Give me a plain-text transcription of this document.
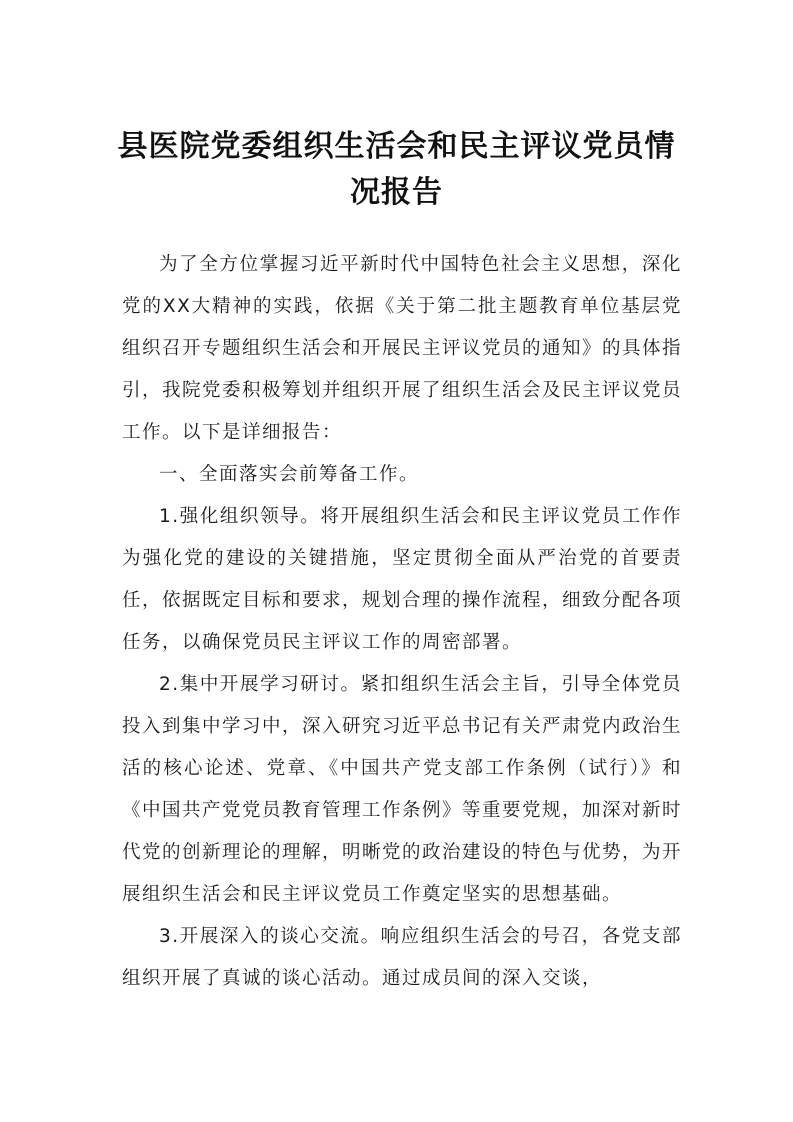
县医院党委组织生活会和民主评议党员情
况报告

为了全方位掌握习近平新时代中国特色社会主义思想，深化党的XX大精神的实践，依据《关于第二批主题教育单位基层党组织召开专题组织生活会和开展民主评议党员的通知》的具体指引，我院党委积极筹划并组织开展了组织生活会及民主评议党员工作。以下是详细报告：

一、全面落实会前筹备工作。

1.强化组织领导。将开展组织生活会和民主评议党员工作作为强化党的建设的关键措施，坚定贯彻全面从严治党的首要责任，依据既定目标和要求，规划合理的操作流程，细致分配各项任务，以确保党员民主评议工作的周密部署。

2.集中开展学习研讨。紧扣组织生活会主旨，引导全体党员投入到集中学习中，深入研究习近平总书记有关严肃党内政治生活的核心论述、党章、《中国共产党支部工作条例（试行）》和《中国共产党党员教育管理工作条例》等重要党规，加深对新时代党的创新理论的理解，明晰党的政治建设的特色与优势，为开展组织生活会和民主评议党员工作奠定坚实的思想基础。

3.开展深入的谈心交流。响应组织生活会的号召，各党支部组织开展了真诚的谈心活动。通过成员间的深入交谈，
